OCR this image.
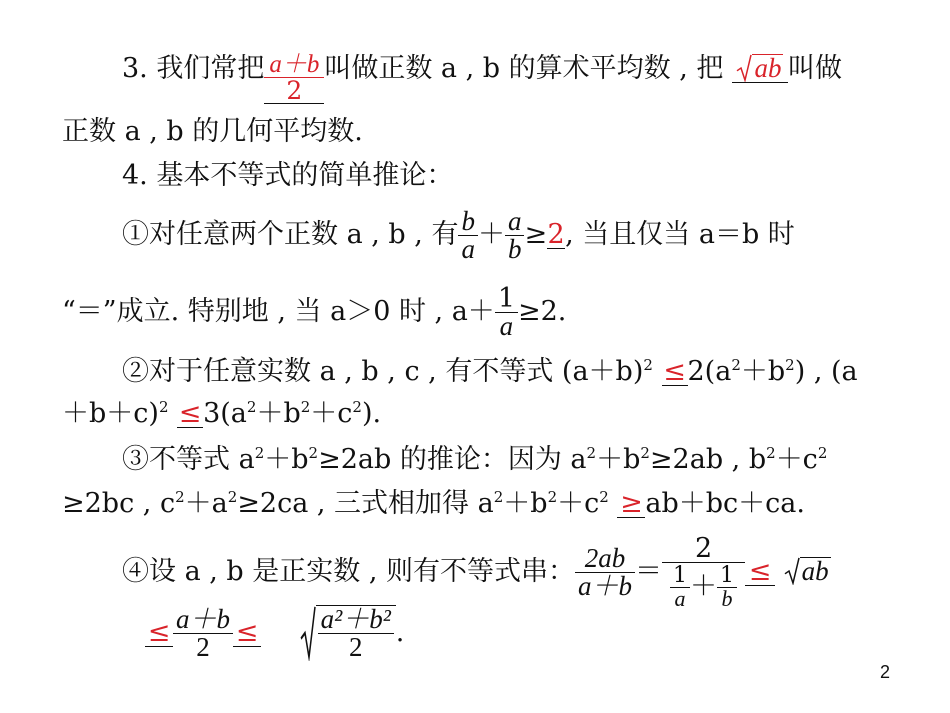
3. 我们常把 $\frac{a+b}{2}$ 叫做正数 a , b 的算术平均数 , 把 ab 叫做
正数 a , b 的几何平均数.
4. 基本不等式的简单推论：
①对任意两个正数 a , b , 有 $\frac{b}{a} + \frac{a}{b} \ge 2$, 当且仅当 a＝b 时
“＝”成立. 特别地 , 当 a＞0 时 , $a+ \frac{1}{a} \ge 2$.
②对于任意实数 a , b , c , 有不等式 $(a+b)^2 \le 2(a^2+b^2)$ , (a
$+b+c)^2 \le 3(a^2+b^2+c^2)$.
③不等式 $a^2+b^2\ge 2ab$ 的推论：因为 $a^2+b^2\ge 2ab$ , $b^2+c^2$
≥2bc , $c^2+a^2\ge 2ca$ , 三式相加得 $a^2+b^2+c^2 \ge ab+bc+ca$.
④设 a , b 是正实数 , 则有不等式串： $\frac{2ab}{a+b} = \frac{2}{\frac{1}{a} + \frac{1}{b}}$ ≤ ab
≤ $\frac{a+b}{2} \le \frac{\text{a²＋b²}}{2}$ .
2
